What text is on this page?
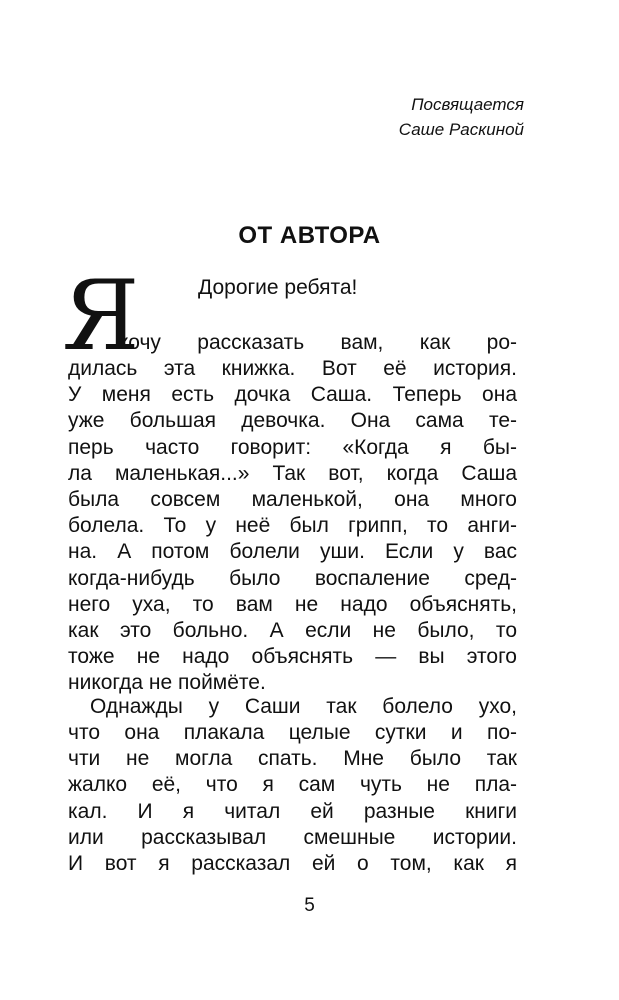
Посвящается
Саше Раскиной
ОТ АВТОРА
Я	Дорогие ребята!
хочу рассказать вам, как ро-
дилась эта книжка. Вот её история.
У меня есть дочка Саша. Теперь она
уже большая девочка. Она сама те-
перь часто говорит: «Когда я бы-
ла маленькая...» Так вот, когда Саша
была совсем маленькой, она много
болела. То у неё был грипп, то анги-
на. А потом болели уши. Если у вас
когда-нибудь было воспаление сред-
него уха, то вам не надо объяснять,
как это больно. А если не было, то
тоже не надо объяснять — вы этого
никогда не поймёте.
Однажды у Саши так болело ухо,
что она плакала целые сутки и по-
чти не могла спать. Мне было так
жалко её, что я сам чуть не пла-
кал. И я читал ей разные книги
или рассказывал смешные истории.
И вот я рассказал ей о том, как я
5
